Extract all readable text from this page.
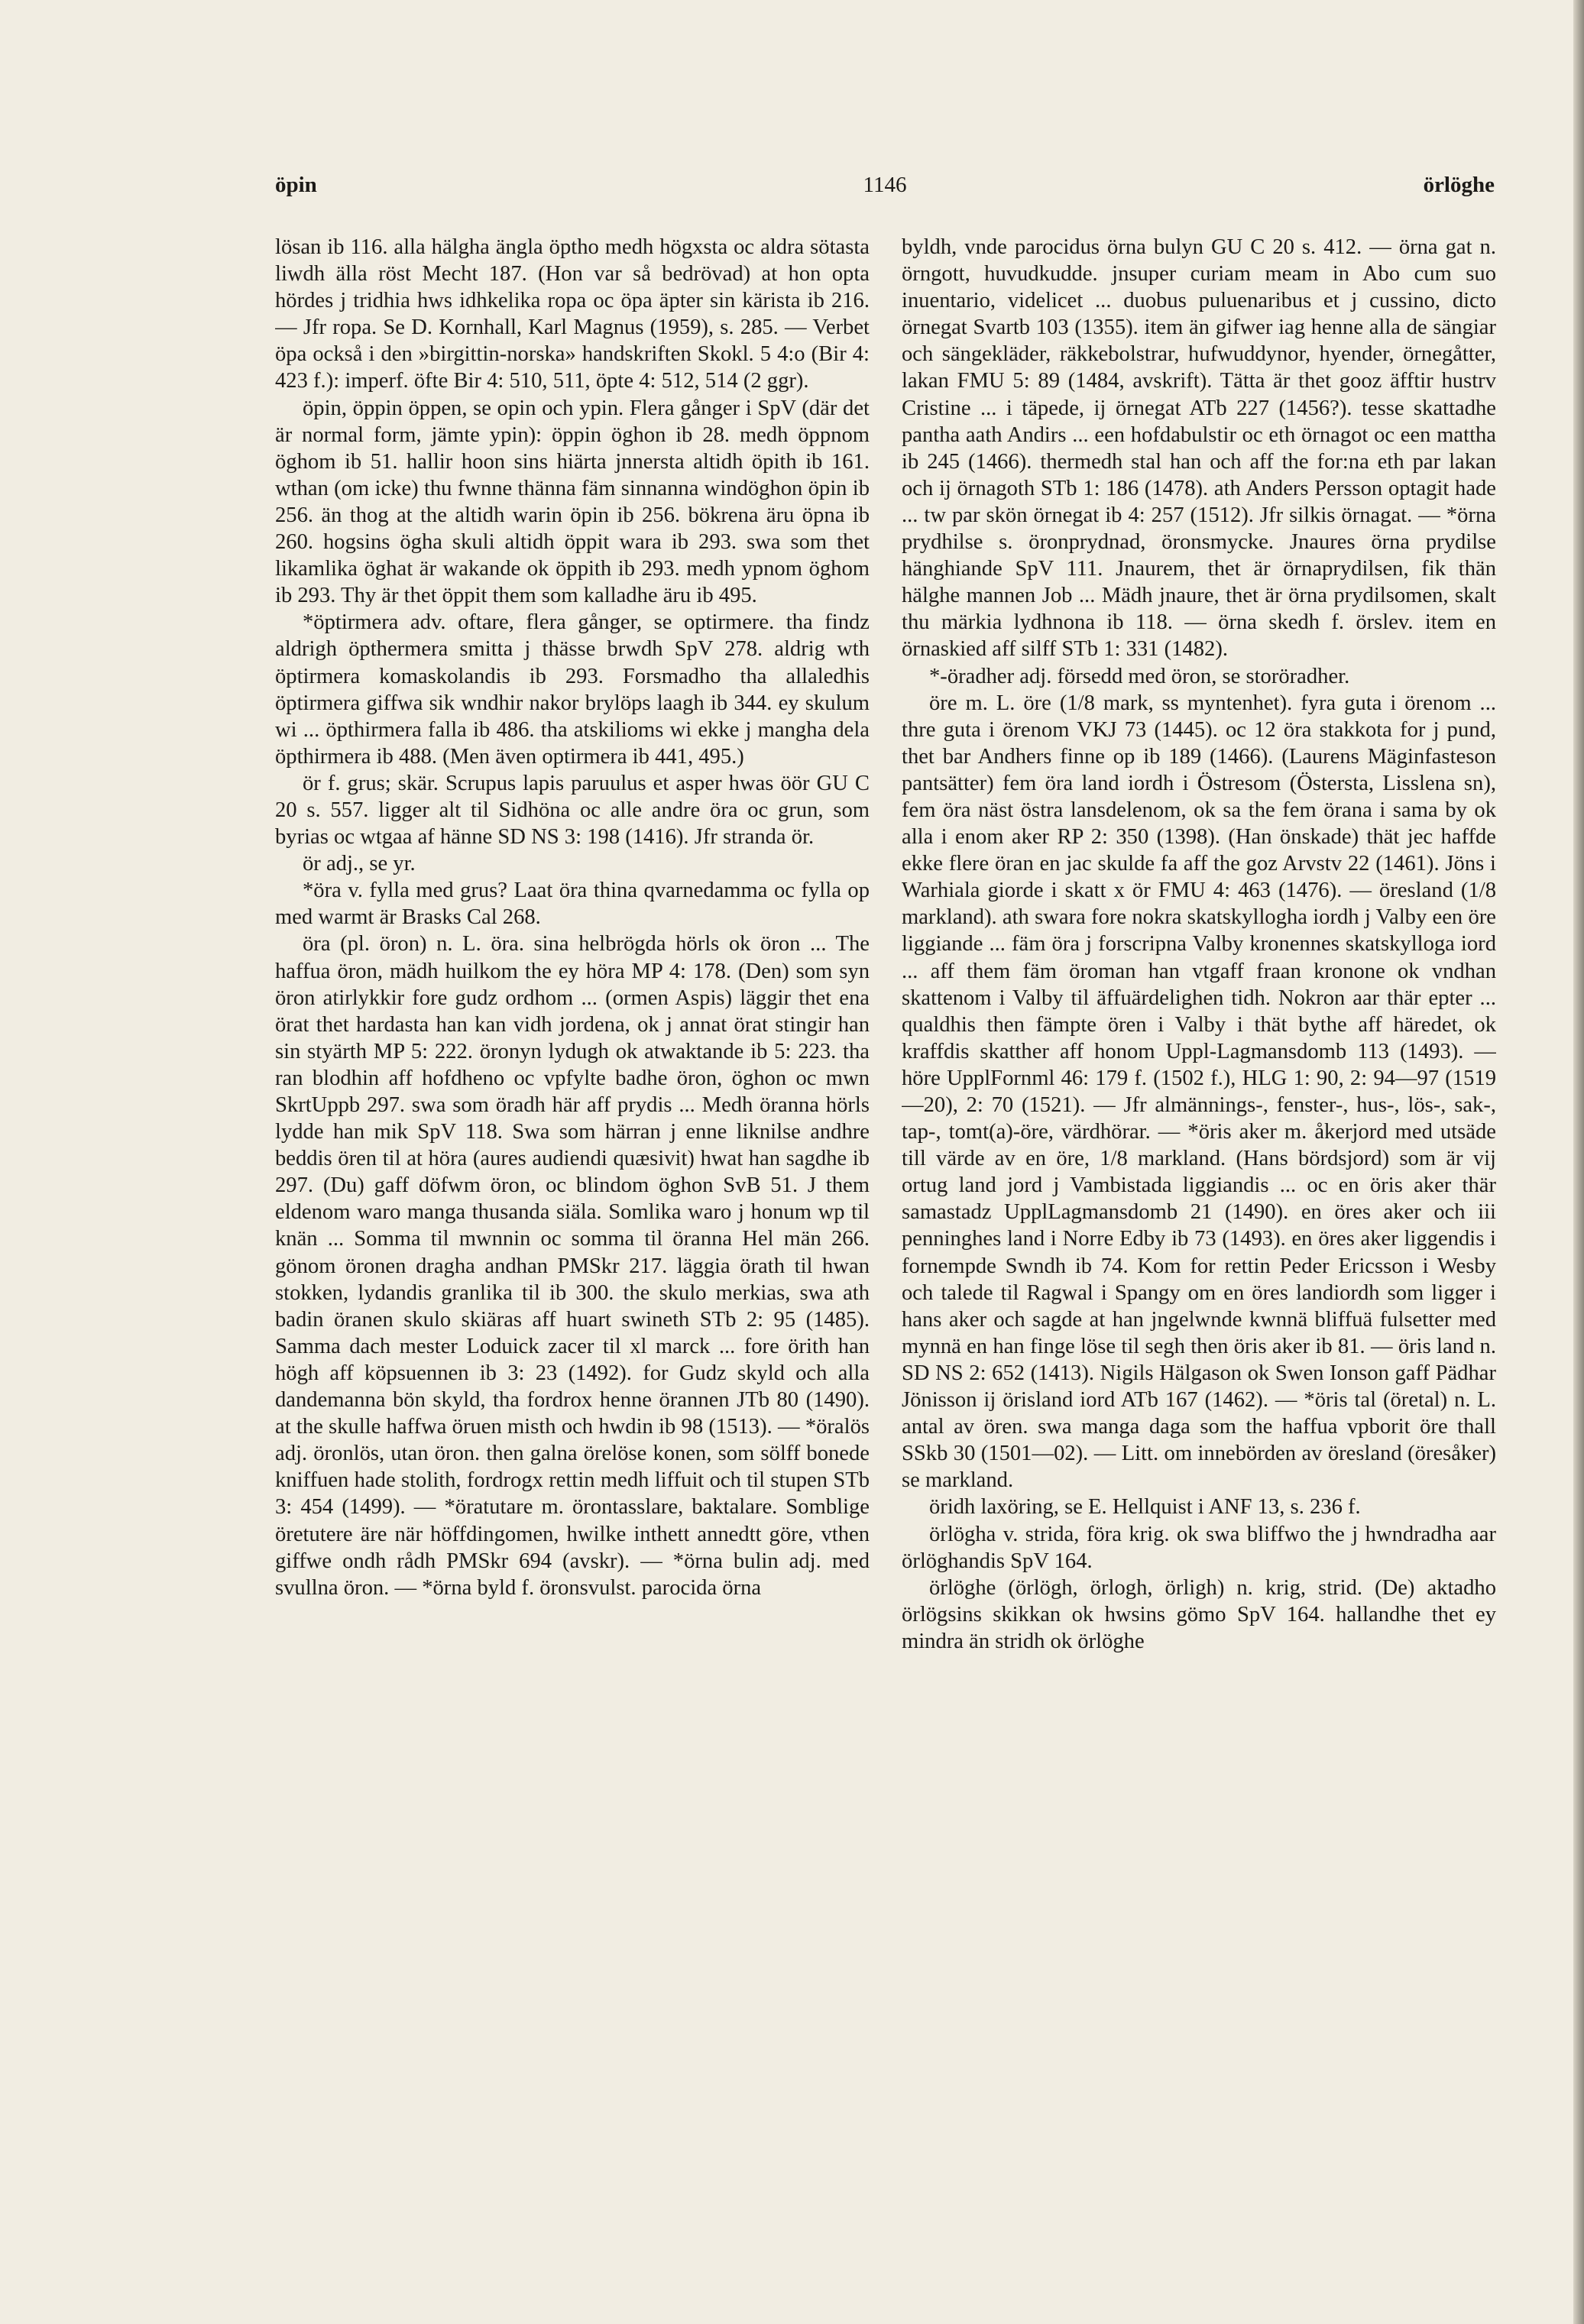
öpin	1146	örlöghe

lösan ib 116. alla hälgha ängla öptho medh högxsta oc aldra sötasta liwdh älla röst Mecht 187. (Hon var så bedrövad) at hon opta hördes j tridhia hws idhkelika ropa oc öpa äpter sin kärista ib 216. — Jfr ropa. Se D. Kornhall, Karl Magnus (1959), s. 285. — Verbet öpa också i den »birgittin-norska» handskriften Skokl. 5 4:o (Bir 4: 423 f.): imperf. öfte Bir 4: 510, 511, öpte 4: 512, 514 (2 ggr).

öpin, öppin öppen, se opin och ypin. Flera gånger i SpV (där det är normal form, jämte ypin): öppin öghon ib 28. medh öppnom öghom ib 51. hallir hoon sins hiärta jnnersta altidh öpith ib 161. wthan (om icke) thu fwnne thänna fäm sinnanna windöghon öpin ib 256. än thog at the altidh warin öpin ib 256. bökrena äru öpna ib 260. hogsins ögha skuli altidh öppit wara ib 293. swa som thet likamlika öghat är wakande ok öppith ib 293. medh ypnom öghom ib 293. Thy är thet öppit them som kalladhe äru ib 495.

*öptirmera adv. oftare, flera gånger, se optirmere. tha findz aldrigh öpthermera smitta j thässe brwdh SpV 278. aldrig wth öptirmera komaskolandis ib 293. Forsmadho tha allaledhis öptirmera giffwa sik wndhir nakor brylöps laagh ib 344. ey skulum wi ... öpthirmera falla ib 486. tha atskilioms wi ekke j mangha dela öpthirmera ib 488. (Men även optirmera ib 441, 495.)

ör f. grus; skär. Scrupus lapis paruulus et asper hwas öör GU C 20 s. 557. ligger alt til Sidhöna oc alle andre öra oc grun, som byrias oc wtgaa af hänne SD NS 3: 198 (1416). Jfr stranda ör.

ör adj., se yr.

*öra v. fylla med grus? Laat öra thina qvarnedamma oc fylla op med warmt är Brasks Cal 268.

öra (pl. öron) n. L. öra. sina helbrögda hörls ok öron ... The haffua öron, mädh huilkom the ey höra MP 4: 178. (Den) som syn öron atirlykkir fore gudz ordhom ... (ormen Aspis) läggir thet ena örat thet hardasta han kan vidh jordena, ok j annat örat stingir han sin styärth MP 5: 222. öronyn lydugh ok atwaktande ib 5: 223. tha ran blodhin aff hofdheno oc vpfylte badhe öron, öghon oc mwn SkrtUppb 297. swa som öradh här aff prydis ... Medh öranna hörls lydde han mik SpV 118. Swa som härran j enne liknilse andhre beddis ören til at höra (aures audiendi quæsivit) hwat han sagdhe ib 297. (Du) gaff döfwm öron, oc blindom öghon SvB 51. J them eldenom waro manga thusanda siäla. Somlika waro j honum wp til knän ... Somma til mwnnin oc somma til öranna Hel män 266. gönom öronen dragha andhan PMSkr 217. läggia örath til hwan stokken, lydandis granlika til ib 300. the skulo merkias, swa ath badin öranen skulo skiäras aff huart swineth STb 2: 95 (1485). Samma dach mester Loduick zacer til xl marck ... fore örith han högh aff köpsuennen ib 3: 23 (1492). for Gudz skyld och alla dandemanna bön skyld, tha fordrox henne örannen JTb 80 (1490). at the skulle haffwa öruen misth och hwdin ib 98 (1513). — *öralös adj. öronlös, utan öron. then galna örelöse konen, som sölff bonede kniffuen hade stolith, fordrogx rettin medh liffuit och til stupen STb 3: 454 (1499). — *öratutare m. örontasslare, baktalare. Somblige öretutere äre när höffdingomen, hwilke inthett annedtt göre, vthen giffwe ondh rådh PMSkr 694 (avskr). — *örna bulin adj. med svullna öron. — *örna byld f. öronsvulst. parocida örna

byldh, vnde parocidus örna bulyn GU C 20 s. 412. — örna gat n. örngott, huvudkudde. jnsuper curiam meam in Abo cum suo inuentario, videlicet ... duobus puluenaribus et j cussino, dicto örnegat Svartb 103 (1355). item än gifwer iag henne alla de sängiar och sängekläder, räkkebolstrar, hufwuddynor, hyender, örnegåtter, lakan FMU 5: 89 (1484, avskrift). Tätta är thet gooz äfftir hustrv Cristine ... i täpede, ij örnegat ATb 227 (1456?). tesse skattadhe pantha aath Andirs ... een hofdabulstir oc eth örnagot oc een mattha ib 245 (1466). thermedh stal han och aff the for:na eth par lakan och ij örnagoth STb 1: 186 (1478). ath Anders Persson optagit hade ... tw par skön örnegat ib 4: 257 (1512). Jfr silkis örnagat. — *örna prydhilse s. öronprydnad, öronsmycke. Jnaures örna prydilse hänghiande SpV 111. Jnaurem, thet är örnaprydilsen, fik thän hälghe mannen Job ... Mädh jnaure, thet är örna prydilsomen, skalt thu märkia lydhnona ib 118. — örna skedh f. örslev. item en örnaskied aff silff STb 1: 331 (1482).

*-öradher adj. försedd med öron, se storöradher.

öre m. L. öre (1/8 mark, ss myntenhet). fyra guta i örenom ... thre guta i örenom VKJ 73 (1445). oc 12 öra stakkota for j pund, thet bar Andhers finne op ib 189 (1466). (Laurens Mäginfasteson pantsätter) fem öra land iordh i Östresom (Östersta, Lisslena sn), fem öra näst östra lansdelenom, ok sa the fem örana i sama by ok alla i enom aker RP 2: 350 (1398). (Han önskade) thät jec haffde ekke flere öran en jac skulde fa aff the goz Arvstv 22 (1461). Jöns i Warhiala giorde i skatt x ör FMU 4: 463 (1476). — öresland (1/8 markland). ath swara fore nokra skatskyllogha iordh j Valby een öre liggiande ... fäm öra j forscripna Valby kronennes skatskylloga iord ... aff them fäm öroman han vtgaff fraan kronone ok vndhan skattenom i Valby til äffuärdelighen tidh. Nokron aar thär epter ... qualdhis then fämpte ören i Valby i thät bythe aff häredet, ok kraffdis skatther aff honom Uppl-Lagmansdomb 113 (1493). — höre UpplFornml 46: 179 f. (1502 f.), HLG 1: 90, 2: 94—97 (1519—20), 2: 70 (1521). — Jfr almännings-, fenster-, hus-, lös-, sak-, tap-, tomt(a)-öre, värdhörar. — *öris aker m. åkerjord med utsäde till värde av en öre, 1/8 markland. (Hans bördsjord) som är vij ortug land jord j Vambistada liggiandis ... oc en öris aker thär samastadz UpplLagmansdomb 21 (1490). en öres aker och iii penninghes land i Norre Edby ib 73 (1493). en öres aker liggendis i fornempde Swndh ib 74. Kom for rettin Peder Ericsson i Wesby och talede til Ragwal i Spangy om en öres landiordh som ligger i hans aker och sagde at han jngelwnde kwnnä bliffuä fulsetter med mynnä en han finge löse til segh then öris aker ib 81. — öris land n. SD NS 2: 652 (1413). Nigils Hälgason ok Swen Ionson gaff Pädhar Jönisson ij örisland iord ATb 167 (1462). — *öris tal (öretal) n. L. antal av ören. swa manga daga som the haffua vpborit öre thall SSkb 30 (1501—02). — Litt. om innebörden av öresland (öresåker) se markland.

öridh laxöring, se E. Hellquist i ANF 13, s. 236 f.

örlögha v. strida, föra krig. ok swa bliffwo the j hwndradha aar örlöghandis SpV 164.

örlöghe (örlögh, örlogh, örligh) n. krig, strid. (De) aktadho örlögsins skikkan ok hwsins gömo SpV 164. hallandhe thet ey mindra än stridh ok örlöghe
